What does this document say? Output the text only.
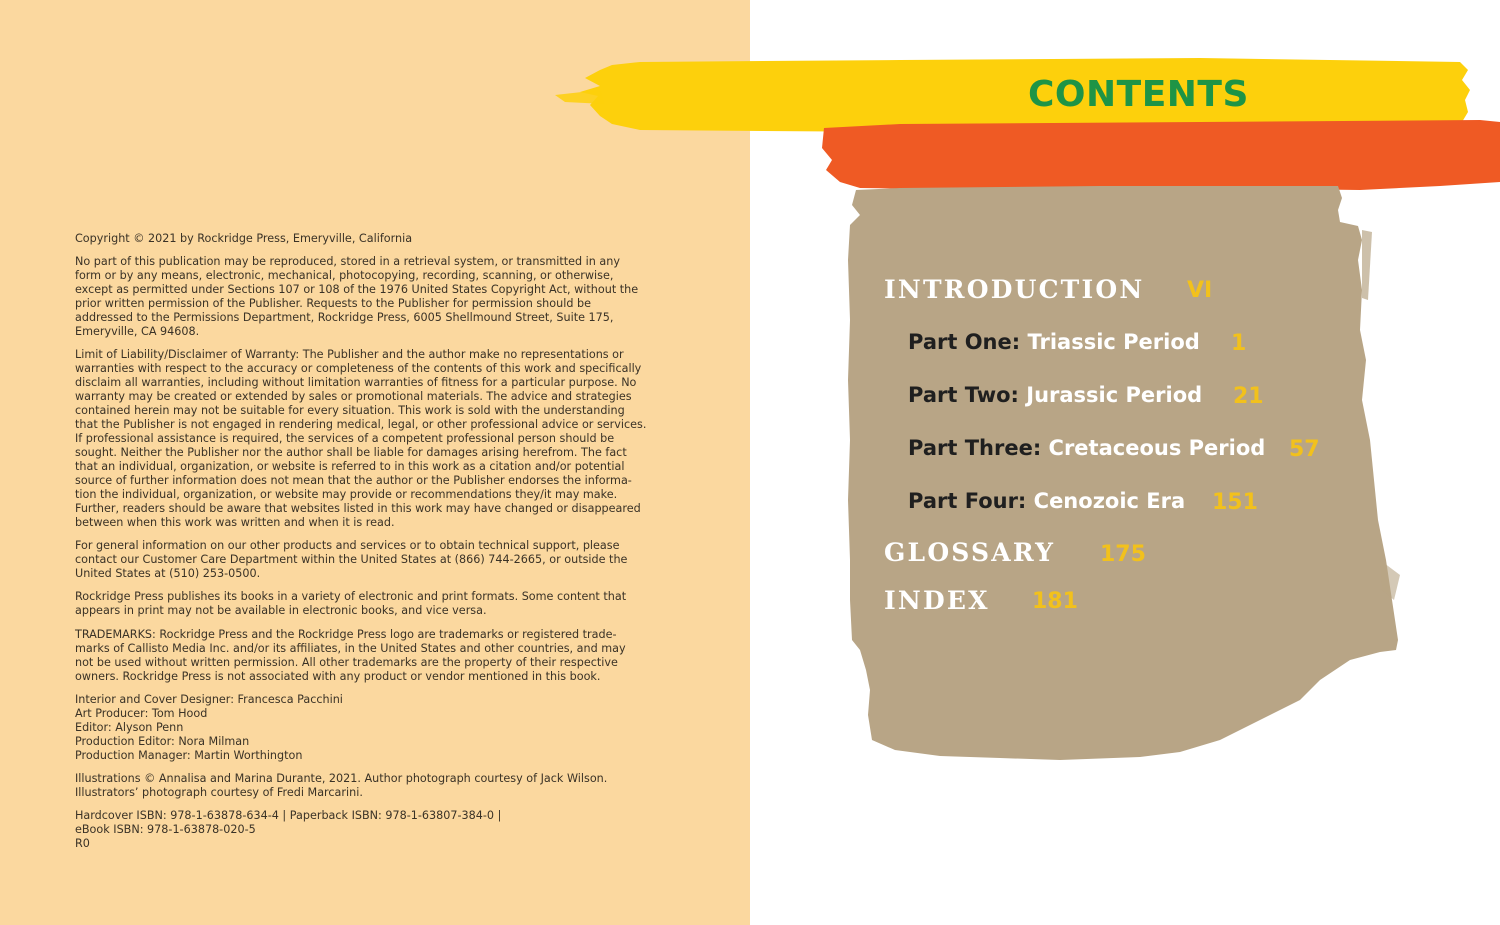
Copyright © 2021 by Rockridge Press, Emeryville, California

No part of this publication may be reproduced, stored in a retrieval system, or transmitted in any

form or by any means, electronic, mechanical, photocopying, recording, scanning, or otherwise,

except as permitted under Sections 107 or 108 of the 1976 United States Copyright Act, without the

prior written permission of the Publisher. Requests to the Publisher for permission should be

addressed to the Permissions Department, Rockridge Press, 6005 Shellmound Street, Suite 175,

Emeryville, CA 94608.

Limit of Liability/Disclaimer of Warranty: The Publisher and the author make no representations or

warranties with respect to the accuracy or completeness of the contents of this work and specifically

disclaim all warranties, including without limitation warranties of fitness for a particular purpose. No

warranty may be created or extended by sales or promotional materials. The advice and strategies

contained herein may not be suitable for every situation. This work is sold with the understanding

that the Publisher is not engaged in rendering medical, legal, or other professional advice or services.

If professional assistance is required, the services of a competent professional person should be

sought. Neither the Publisher nor the author shall be liable for damages arising herefrom. The fact

that an individual, organization, or website is referred to in this work as a citation and/or potential

source of further information does not mean that the author or the Publisher endorses the informa-

tion the individual, organization, or website may provide or recommendations they/it may make.

Further, readers should be aware that websites listed in this work may have changed or disappeared

between when this work was written and when it is read.

For general information on our other products and services or to obtain technical support, please

contact our Customer Care Department within the United States at (866) 744-2665, or outside the

United States at (510) 253-0500.

Rockridge Press publishes its books in a variety of electronic and print formats. Some content that

appears in print may not be available in electronic books, and vice versa.

TRADEMARKS: Rockridge Press and the Rockridge Press logo are trademarks or registered trade-

marks of Callisto Media Inc. and/or its affiliates, in the United States and other countries, and may

not be used without written permission. All other trademarks are the property of their respective

owners. Rockridge Press is not associated with any product or vendor mentioned in this book.

Interior and Cover Designer: Francesca Pacchini

Art Producer: Tom Hood

Editor: Alyson Penn

Production Editor: Nora Milman

Production Manager: Martin Worthington

Illustrations © Annalisa and Marina Durante, 2021. Author photograph courtesy of Jack Wilson.

Illustrators’ photograph courtesy of Fredi Marcarini.

Hardcover ISBN: 978-1-63878-634-4 | Paperback ISBN: 978-1-63807-384-0 |

eBook ISBN: 978-1-63878-020-5

R0

CONTENTS
INTRODUCTION VI
Part One: Triassic Period 1
Part Two: Jurassic Period 21
Part Three: Cretaceous Period 57
Part Four: Cenozoic Era 151
GLOSSARY 175
INDEX 181
